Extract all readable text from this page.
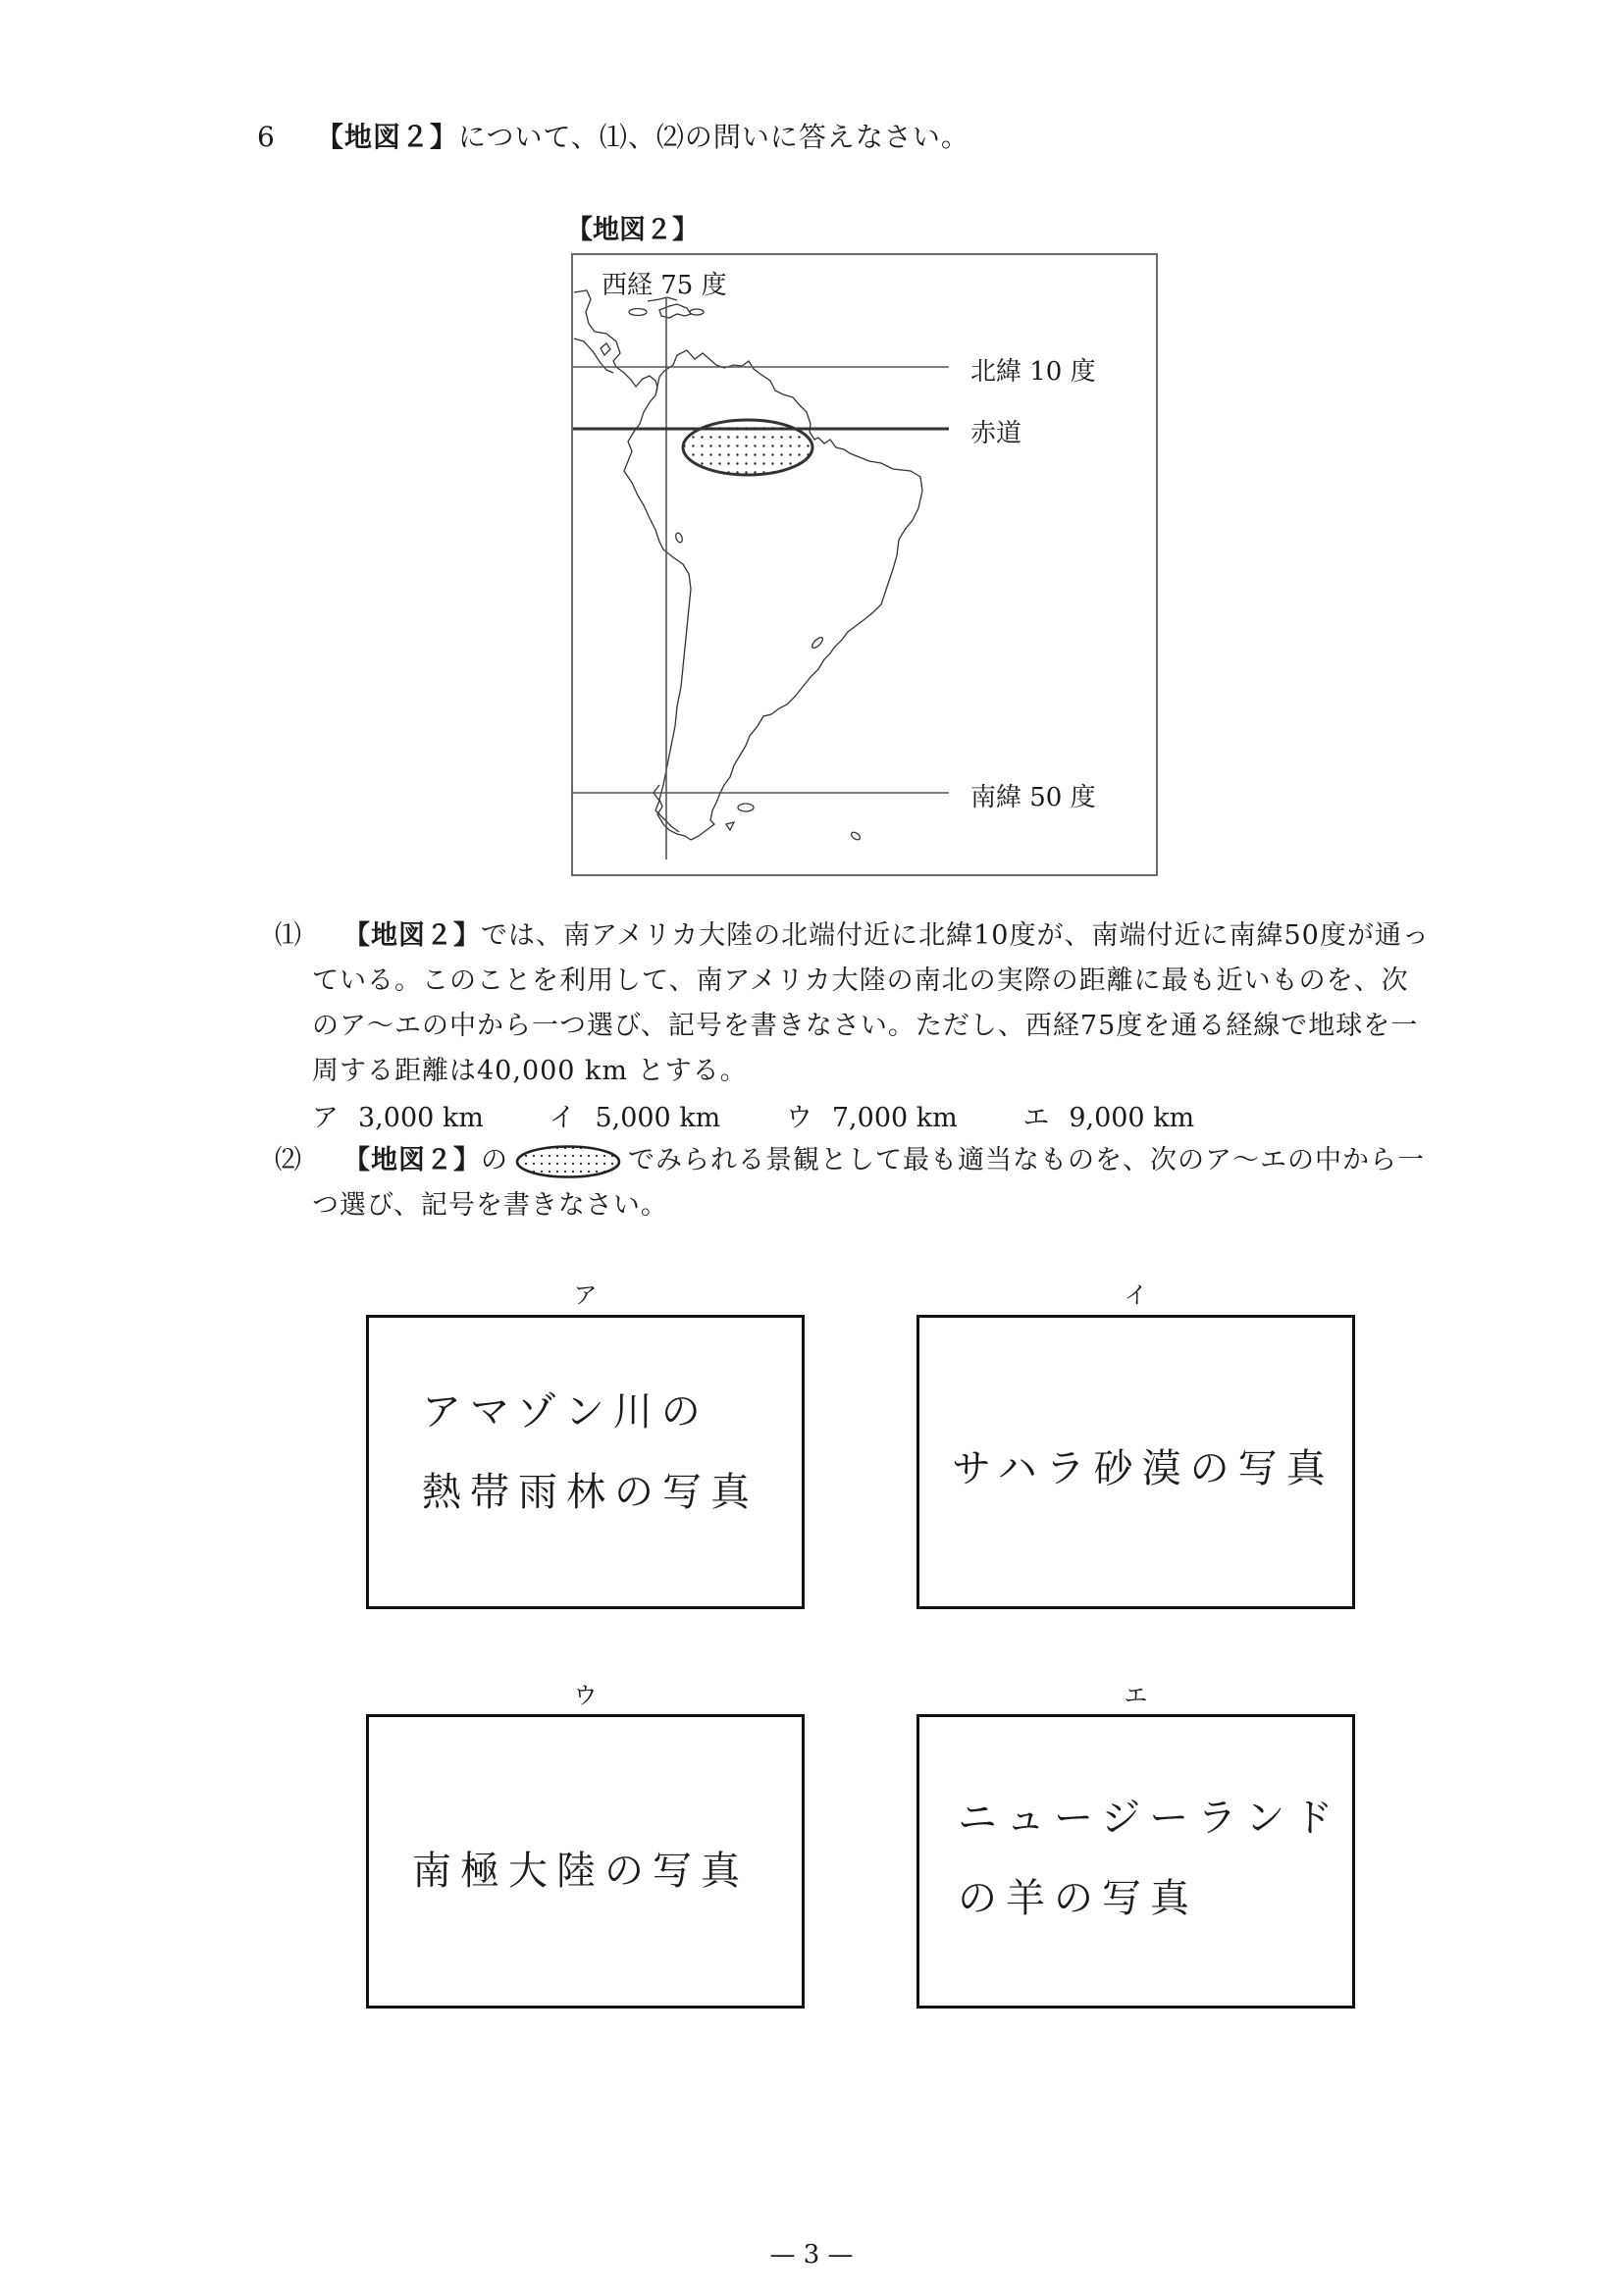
6 【地図２】について、⑴、⑵の問いに答えなさい。
【地図２】
西経 75 度
北緯 10 度
赤道
南緯 50 度
⑴ 【地図２】では、南アメリカ大陸の北端付近に北緯10度が、南端付近に南緯50度が通っ
ている。このことを利用して、南アメリカ大陸の南北の実際の距離に最も近いものを、次
のア〜エの中から一つ選び、記号を書きなさい。ただし、西経75度を通る経線で地球を一
周する距離は40,000 km とする。
ア 3,000 km イ 5,000 km ウ 7,000 km エ 9,000 km
⑵ 【地図２】の	でみられる景観として最も適当なものを、次のア〜エの中から一
つ選び、記号を書きなさい。
ア
アマゾン川の
熱帯雨林の写真
イ
サハラ砂漠の写真
ウ
南極大陸の写真
エ
ニュージーランド
の羊の写真
— 3 —
